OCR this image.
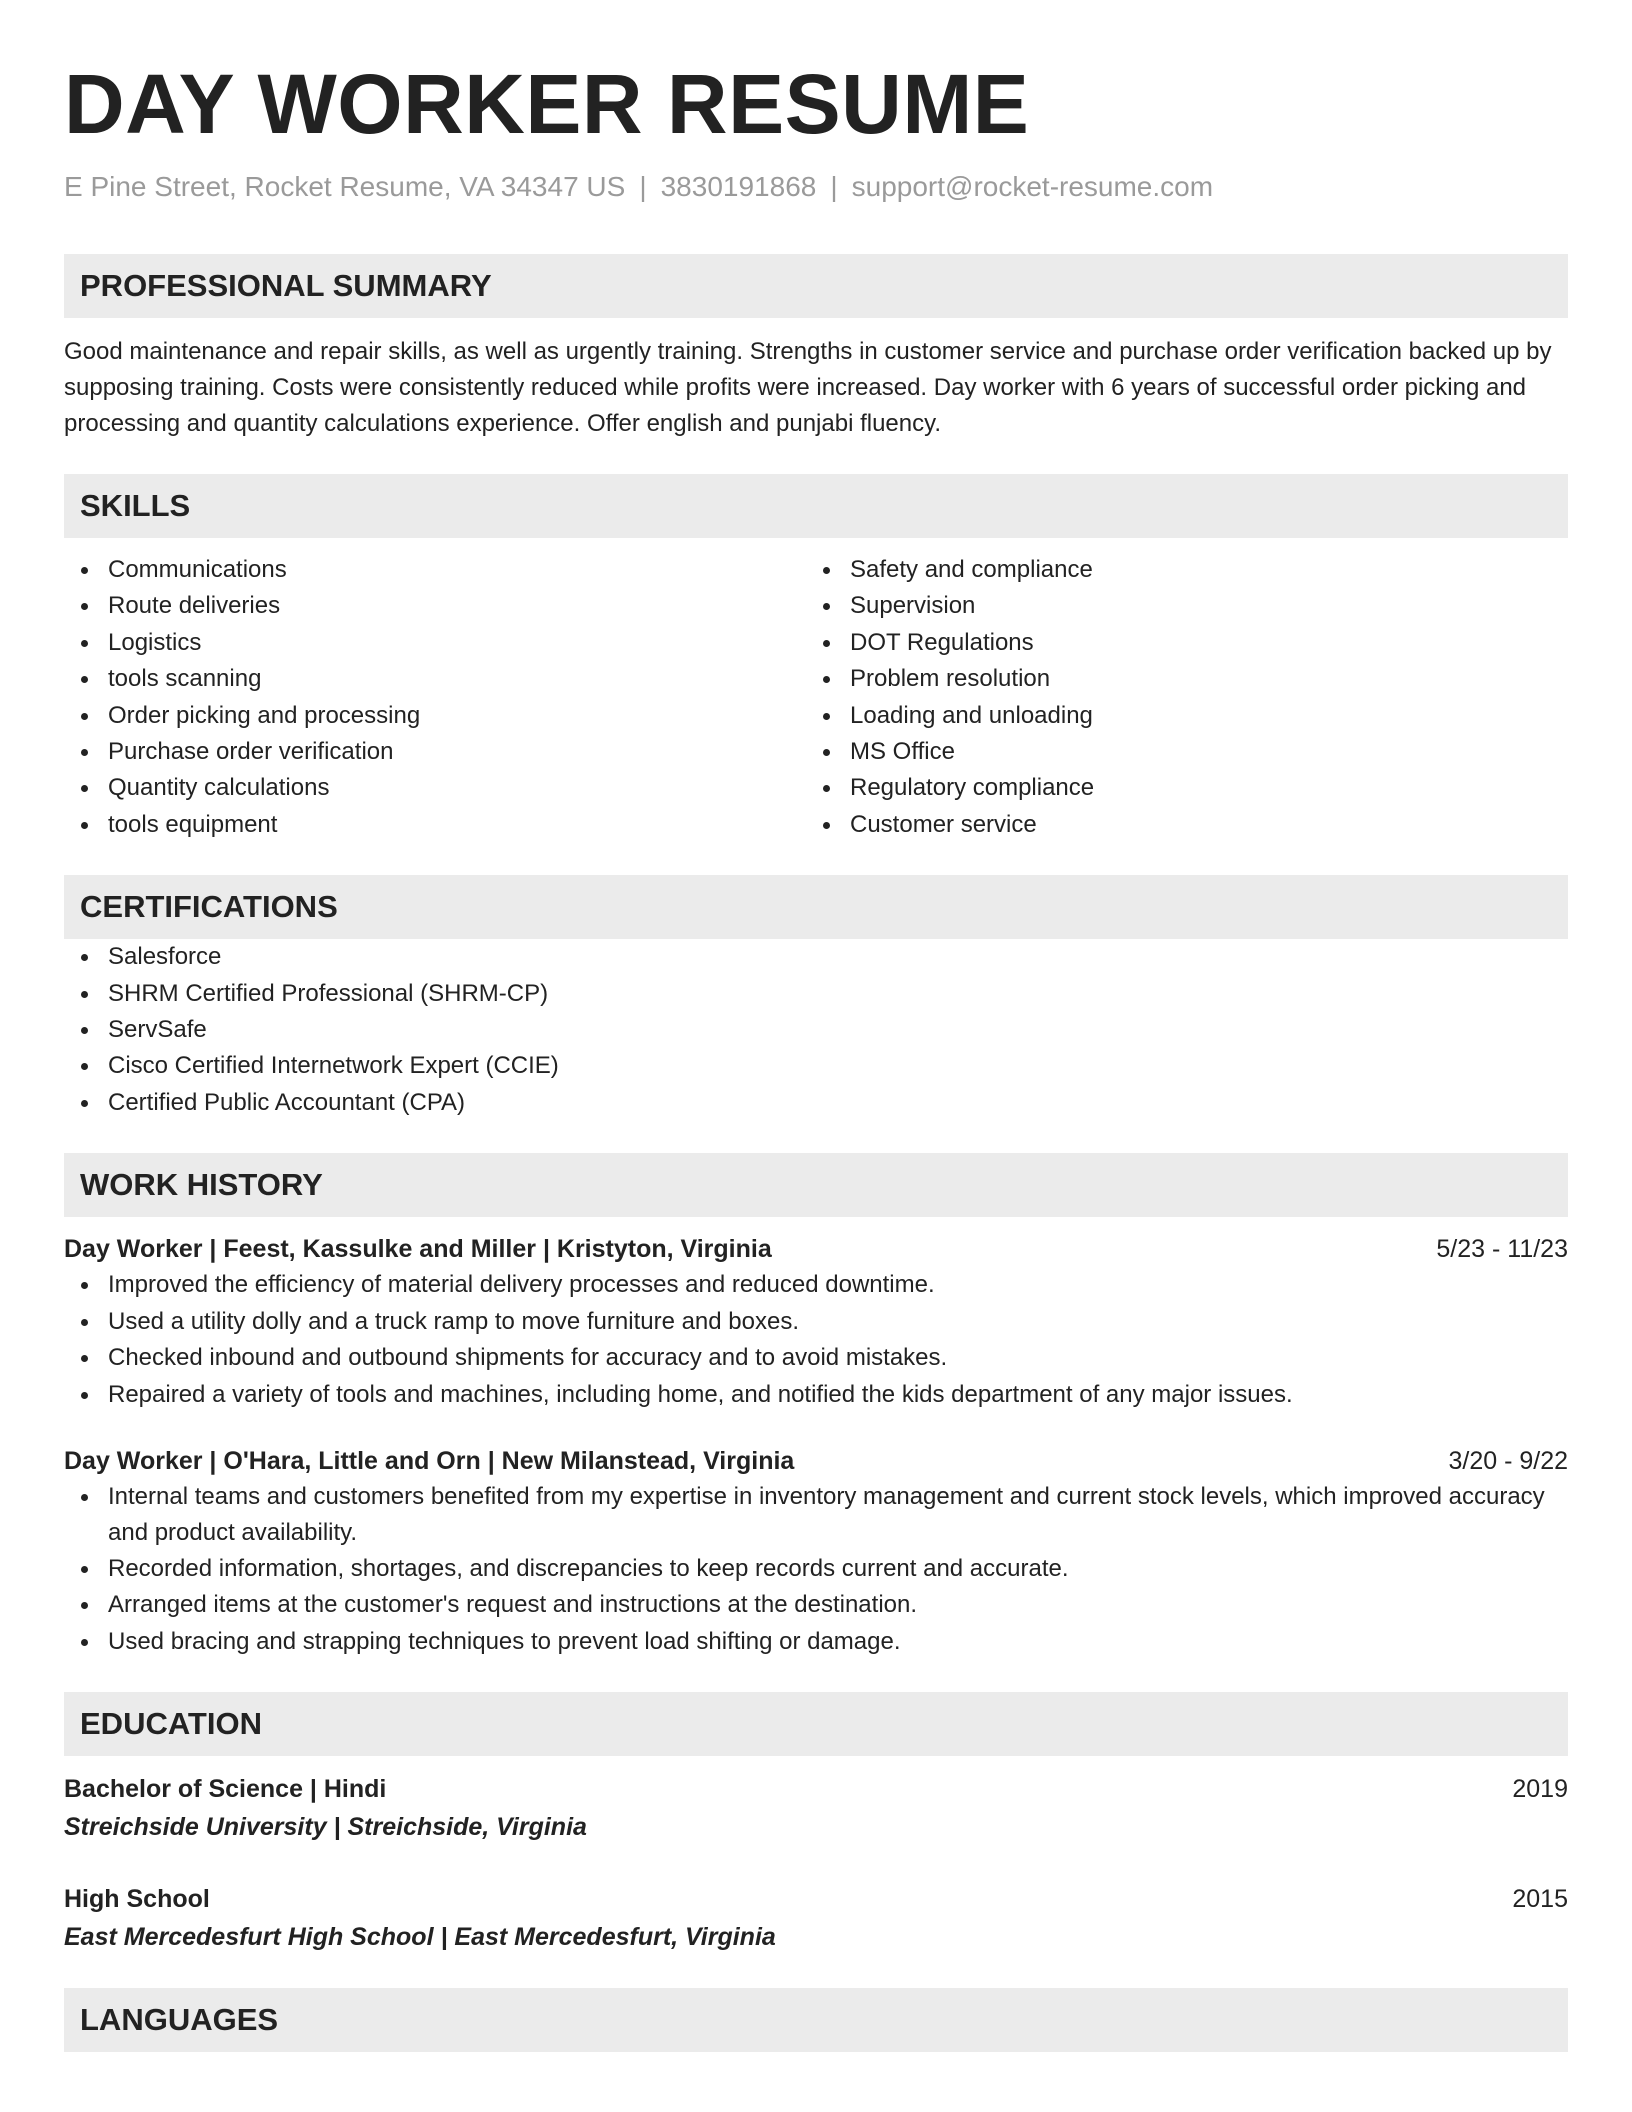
DAY WORKER RESUME
E Pine Street, Rocket Resume, VA 34347 US | 3830191868 | support@rocket-resume.com
PROFESSIONAL SUMMARY

Good maintenance and repair skills, as well as urgently training. Strengths in customer service and purchase order verification backed up by supposing training. Costs were consistently reduced while profits were increased. Day worker with 6 years of successful order picking and processing and quantity calculations experience. Offer english and punjabi fluency.

SKILLS
Communications
Route deliveries
Logistics
tools scanning
Order picking and processing
Purchase order verification
Quantity calculations
tools equipment
Safety and compliance
Supervision
DOT Regulations
Problem resolution
Loading and unloading
MS Office
Regulatory compliance
Customer service
CERTIFICATIONS
Salesforce
SHRM Certified Professional (SHRM-CP)
ServSafe
Cisco Certified Internetwork Expert (CCIE)
Certified Public Accountant (CPA)
WORK HISTORY
Day Worker | Feest, Kassulke and Miller | Kristyton, Virginia	5/23 - 11/23
Improved the efficiency of material delivery processes and reduced downtime.
Used a utility dolly and a truck ramp to move furniture and boxes.
Checked inbound and outbound shipments for accuracy and to avoid mistakes.
Repaired a variety of tools and machines, including home, and notified the kids department of any major issues.
Day Worker | O'Hara, Little and Orn | New Milanstead, Virginia	3/20 - 9/22
Internal teams and customers benefited from my expertise in inventory management and current stock levels, which improved accuracy and product availability.
Recorded information, shortages, and discrepancies to keep records current and accurate.
Arranged items at the customer's request and instructions at the destination.
Used bracing and strapping techniques to prevent load shifting or damage.
EDUCATION
Bachelor of Science | Hindi	2019
Streichside University | Streichside, Virginia
High School	2015
East Mercedesfurt High School | East Mercedesfurt, Virginia
LANGUAGES
